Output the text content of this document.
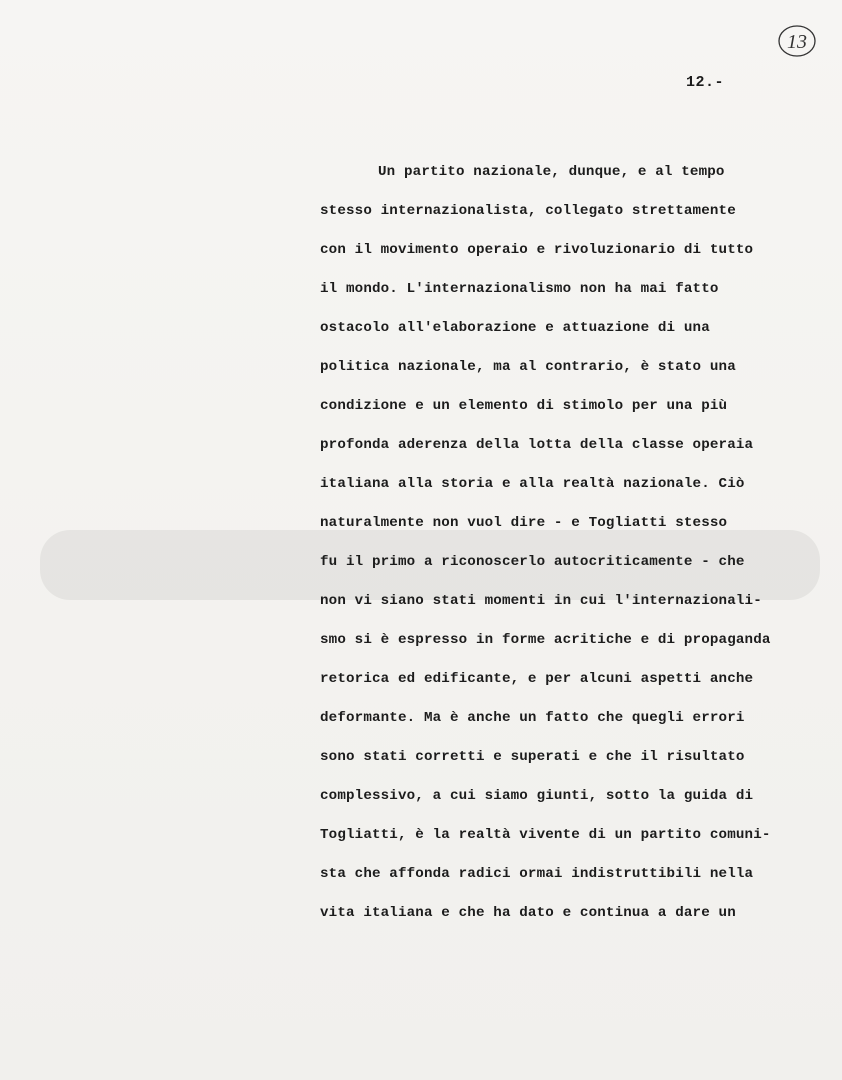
13

12.-

Un partito nazionale, dunque, e al tempo
stesso internazionalista, collegato strettamente
con il movimento operaio e rivoluzionario di tutto
il mondo. L'internazionalismo non ha mai fatto
ostacolo all'elaborazione e attuazione di una
politica nazionale, ma al contrario, è stato una
condizione e un elemento di stimolo per una più
profonda aderenza della lotta della classe operaia
italiana alla storia e alla realtà nazionale. Ciò
naturalmente non vuol dire - e Togliatti stesso
fu il primo a riconoscerlo autocriticamente - che
non vi siano stati momenti in cui l'internazionali-
smo si è espresso in forme acritiche e di propaganda
retorica ed edificante, e per alcuni aspetti anche
deformante. Ma è anche un fatto che quegli errori
sono stati corretti e superati e che il risultato
complessivo, a cui siamo giunti, sotto la guida di
Togliatti, è la realtà vivente di un partito comuni-
sta che affonda radici ormai indistruttibili nella
vita italiana e che ha dato e continua a dare un
